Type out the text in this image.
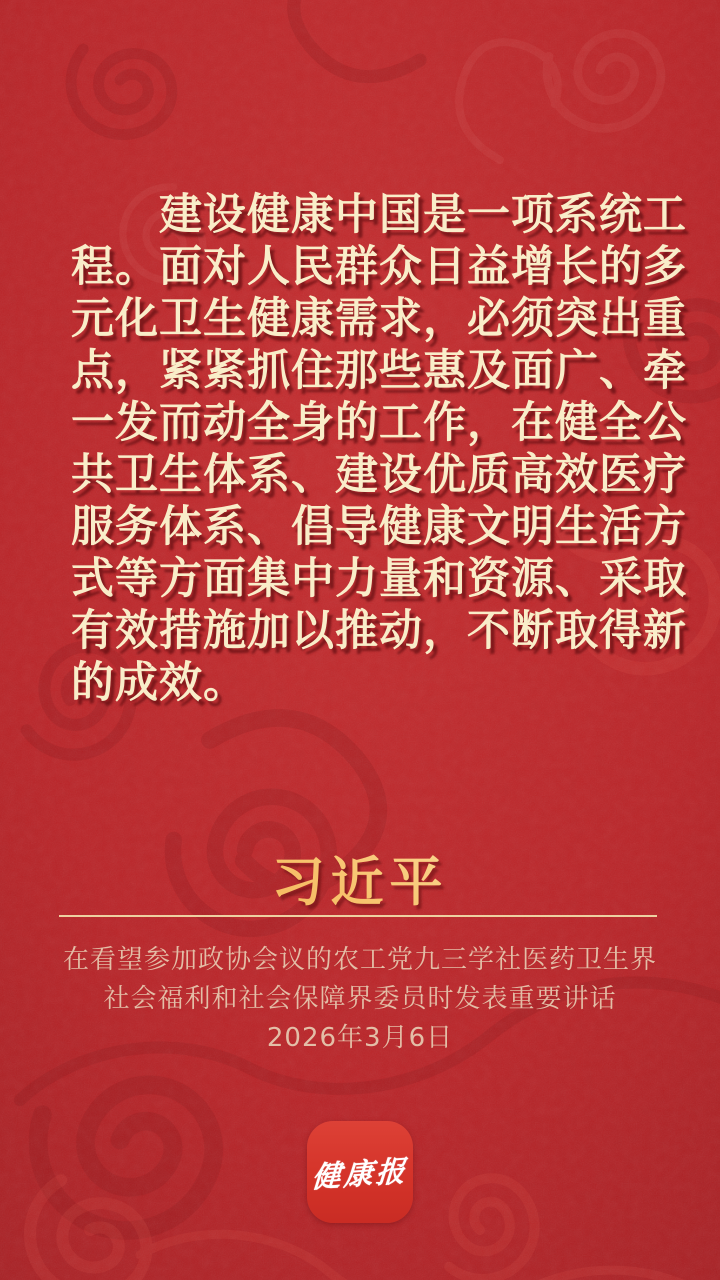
建设健康中国是一项系统工
程。面对人民群众日益增长的多
元化卫生健康需求，必须突出重
点，紧紧抓住那些惠及面广、牵
一发而动全身的工作，在健全公
共卫生体系、建设优质高效医疗
服务体系、倡导健康文明生活方
式等方面集中力量和资源、采取
有效措施加以推动，不断取得新
的成效。
习近平
在看望参加政协会议的农工党九三学社医药卫生界
社会福利和社会保障界委员时发表重要讲话
2026年3月6日
健康报
